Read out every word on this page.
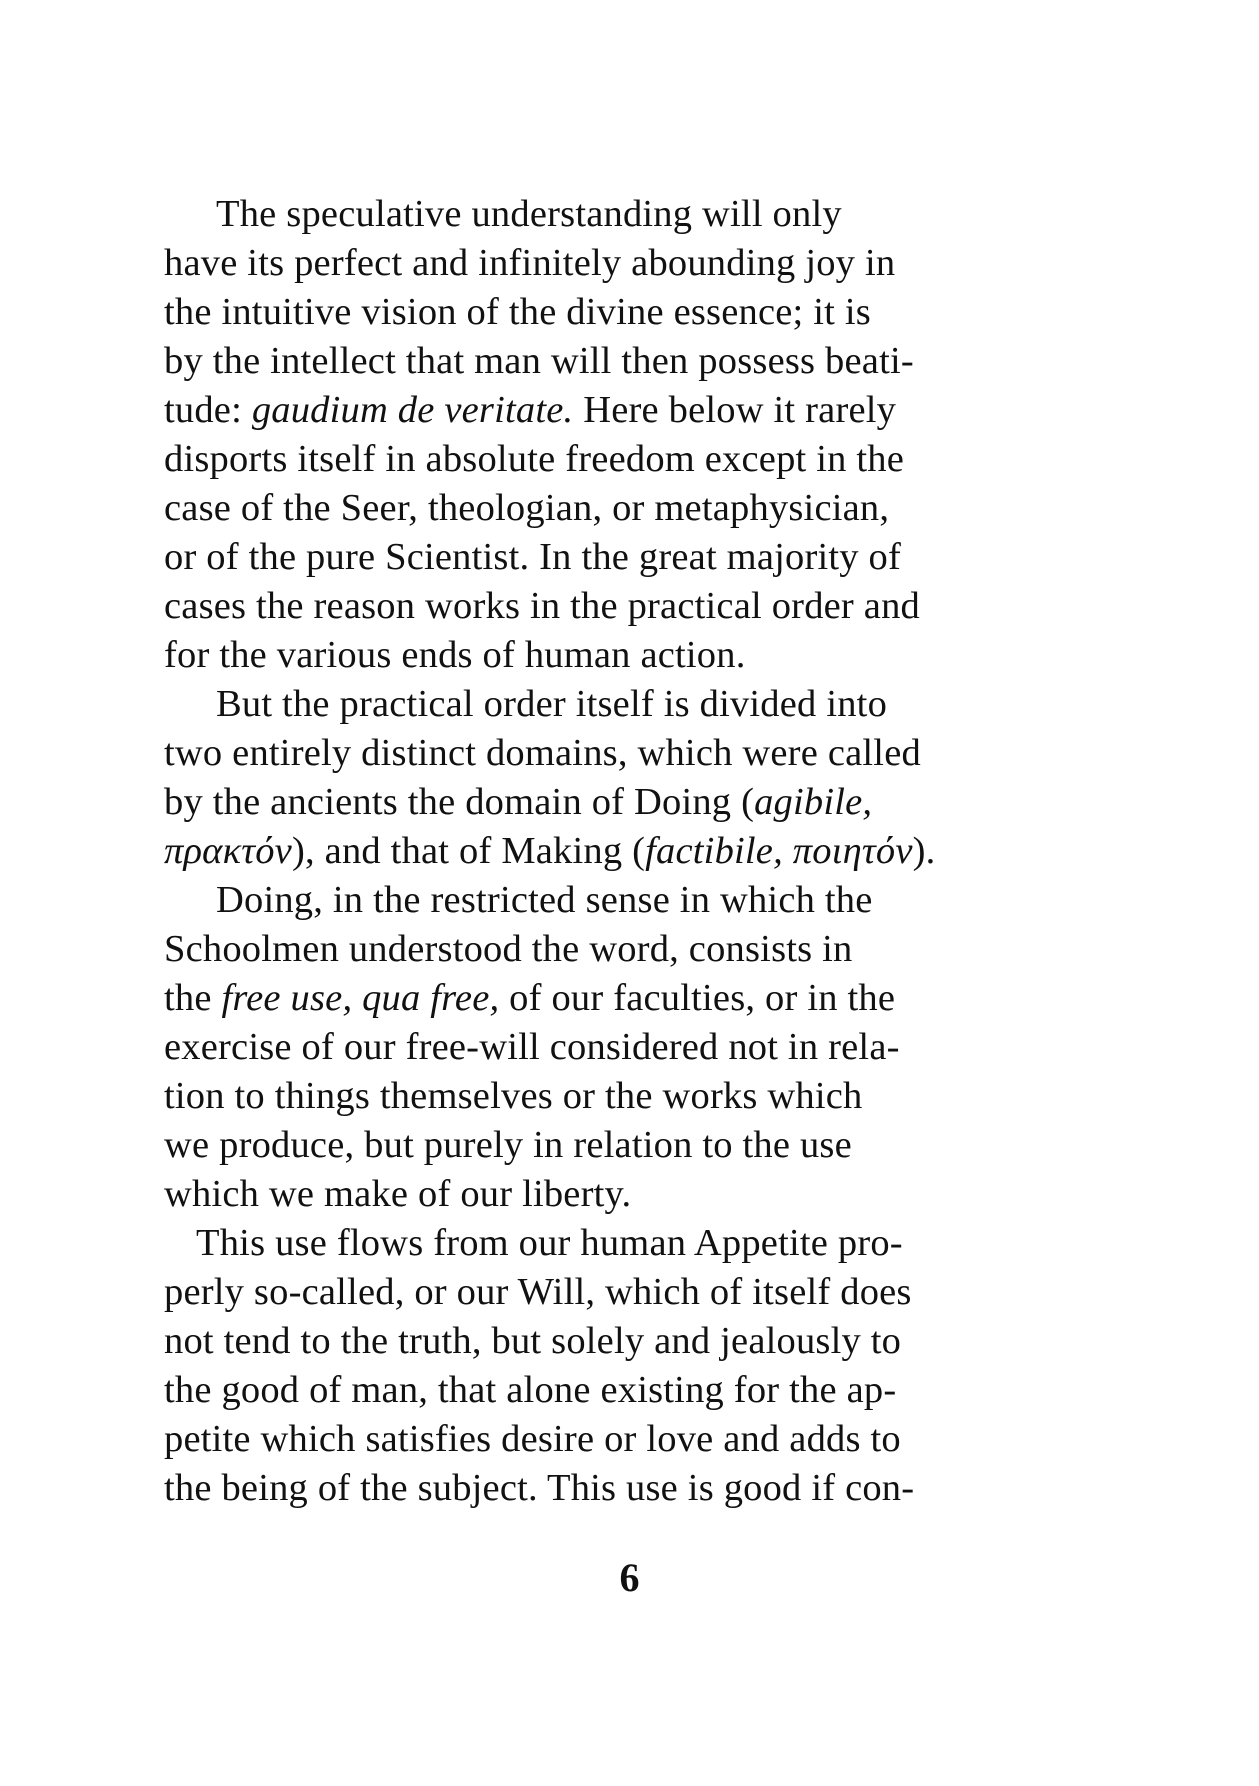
The speculative understanding will only
have its perfect and infinitely abounding joy in
the intuitive vision of the divine essence; it is
by the intellect that man will then possess beati-
tude: gaudium de veritate. Here below it rarely
disports itself in absolute freedom except in the
case of the Seer, theologian, or metaphysician,
or of the pure Scientist. In the great majority of
cases the reason works in the practical order and
for the various ends of human action.
But the practical order itself is divided into
two entirely distinct domains, which were called
by the ancients the domain of Doing (agibile,
πρακτόν), and that of Making (factibile, ποιητόν).
Doing, in the restricted sense in which the
Schoolmen understood the word, consists in
the free use, qua free, of our faculties, or in the
exercise of our free-will considered not in rela-
tion to things themselves or the works which
we produce, but purely in relation to the use
which we make of our liberty.
This use flows from our human Appetite pro-
perly so-called, or our Will, which of itself does
not tend to the truth, but solely and jealously to
the good of man, that alone existing for the ap-
petite which satisfies desire or love and adds to
the being of the subject. This use is good if con-
6
